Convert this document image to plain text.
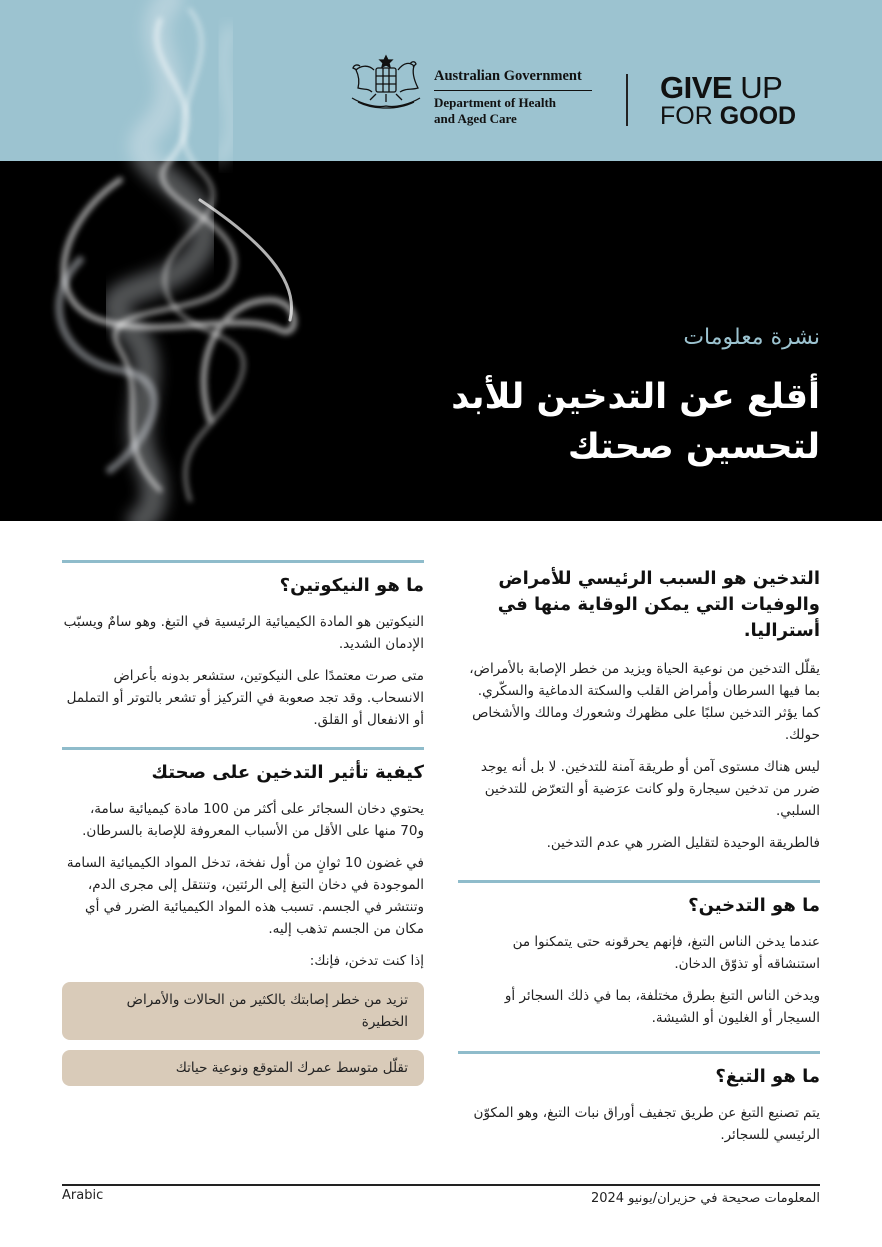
Australian Government
Department of Health
and Aged Care
GIVE UP
FOR GOOD
نشرة معلومات
أقلع عن التدخين للأبد لتحسين صحتك
التدخين هو السبب الرئيسي للأمراض والوفيات التي يمكن الوقاية منها في أستراليا.

يقلّل التدخين من نوعية الحياة ويزيد من خطر الإصابة بالأمراض، بما فيها السرطان وأمراض القلب والسكتة الدماغية والسكّري. كما يؤثر التدخين سلبًا على مظهرك وشعورك ومالك والأشخاص حولك.

ليس هناك مستوى آمن أو طريقة آمنة للتدخين. لا بل أنه يوجد ضرر من تدخين سيجارة ولو كانت عرَضية أو التعرّض للتدخين السلبي.

فالطريقة الوحيدة لتقليل الضرر هي عدم التدخين.

ما هو التدخين؟

عندما يدخن الناس التبغ، فإنهم يحرقونه حتى يتمكنوا من استنشاقه أو تذوّق الدخان.

ويدخن الناس التبغ بطرق مختلفة، بما في ذلك السجائر أو السيجار أو الغليون أو الشيشة.

ما هو التبغ؟

يتم تصنيع التبغ عن طريق تجفيف أوراق نبات التبغ، وهو المكوّن الرئيسي للسجائر.

ما هو النيكوتين؟

النيكوتين هو المادة الكيميائية الرئيسية في التبغ. وهو سامٌ ويسبّب الإدمان الشديد.

متى صرت معتمدًا على النيكوتين، ستشعر بدونه بأعراض الانسحاب. وقد تجد صعوبة في التركيز أو تشعر بالتوتر أو التململ أو الانفعال أو القلق.

كيفية تأثير التدخين على صحتك

يحتوي دخان السجائر على أكثر من 100 مادة كيميائية سامة، و70 منها على الأقل من الأسباب المعروفة للإصابة بالسرطان.

في غضون 10 ثوانٍ من أول نفخة، تدخل المواد الكيميائية السامة الموجودة في دخان التبغ إلى الرئتين، وتنتقل إلى مجرى الدم، وتنتشر في الجسم. تسبب هذه المواد الكيميائية الضرر في أي مكان من الجسم تذهب إليه.

إذا كنت تدخن، فإنك:

تزيد من خطر إصابتك بالكثير من الحالات والأمراض الخطيرة
تقلّل متوسط عمرك المتوقع ونوعية حياتك
Arabic	المعلومات صحيحة في حزيران/يونيو 2024
